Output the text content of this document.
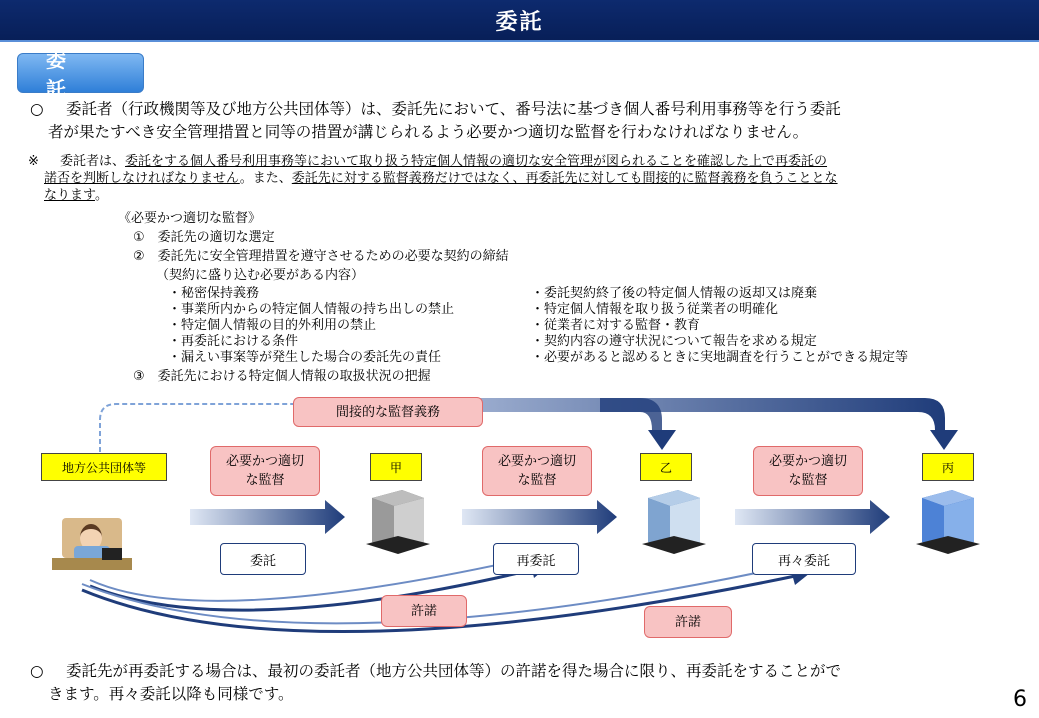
委託
委　託
○ 委託者（行政機関等及び地方公共団体等）は、委託先において、番号法に基づき個人番号利用事務等を行う委託
者が果たすべき安全管理措置と同等の措置が講じられるよう必要かつ適切な監督を行わなければなりません。
※ 委託者は、委託をする個人番号利用事務等において取り扱う特定個人情報の適切な安全管理が図られることを確認した上で再委託の
諾否を判断しなければなりません。また、委託先に対する監督義務だけではなく、再委託先に対しても間接的に監督義務を負うこととな
なります。
《必要かつ適切な監督》
①　委託先の適切な選定
②　委託先に安全管理措置を遵守させるための必要な契約の締結
（契約に盛り込む必要がある内容）
・秘密保持義務
・事業所内からの特定個人情報の持ち出しの禁止
・特定個人情報の目的外利用の禁止
・再委託における条件
・漏えい事案等が発生した場合の委託先の責任
・委託契約終了後の特定個人情報の返却又は廃棄
・特定個人情報を取り扱う従業者の明確化
・従業者に対する監督・教育
・契約内容の遵守状況について報告を求める規定
・必要があると認めるときに実地調査を行うことができる規定等
③　委託先における特定個人情報の取扱状況の把握
間接的な監督義務
地方公共団体等	必要かつ適切
な監督
必要かつ適切
な監督
必要かつ適切
な監督
甲	乙	丙
委託	再委託	再々委託
許諾
許諾
○ 委託先が再委託する場合は、最初の委託者（地方公共団体等）の許諾を得た場合に限り、再委託をすることがで
きます。再々委託以降も同様です。	6
